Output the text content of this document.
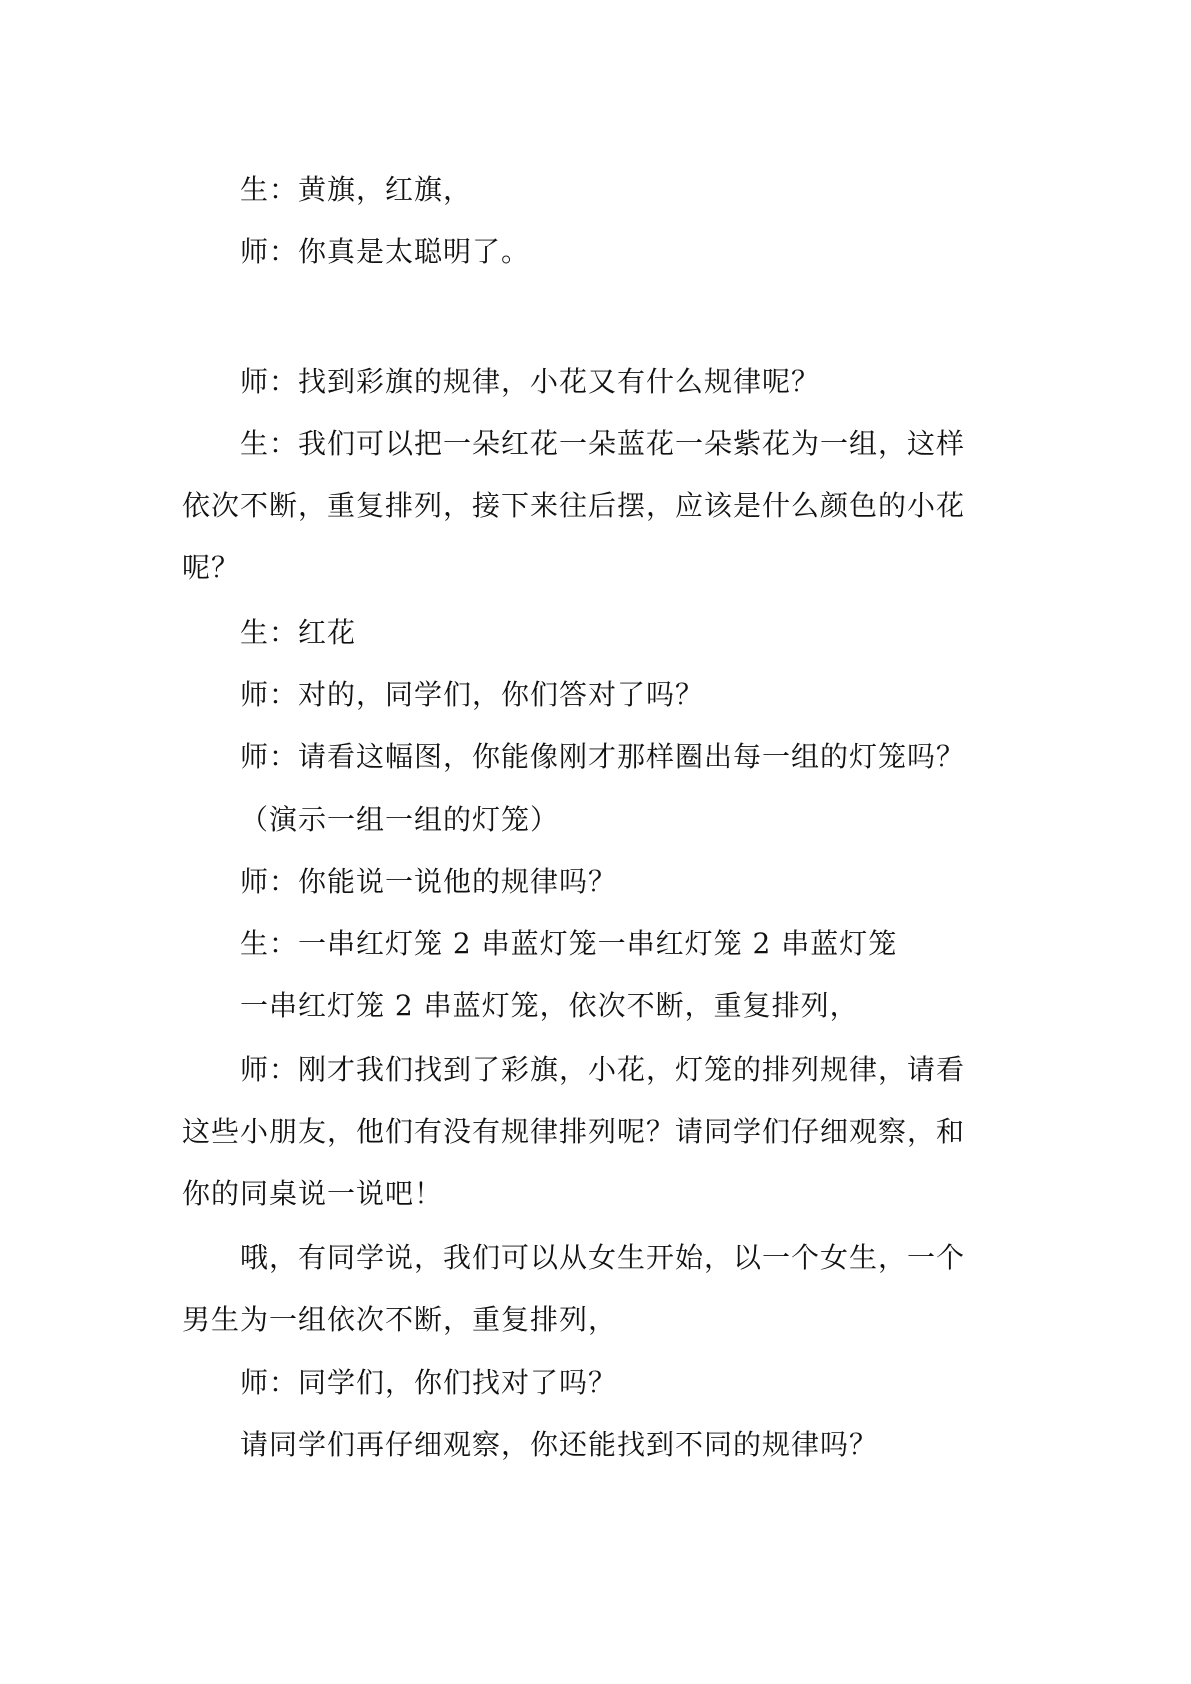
生：黄旗，红旗，
师：你真是太聪明了。
师：找到彩旗的规律，小花又有什么规律呢？
生：我们可以把一朵红花一朵蓝花一朵紫花为一组，这样
依次不断，重复排列，接下来往后摆，应该是什么颜色的小花
呢？
生：红花
师：对的，同学们，你们答对了吗？
师：请看这幅图，你能像刚才那样圈出每一组的灯笼吗？
（演示一组一组的灯笼）
师：你能说一说他的规律吗？
生：一串红灯笼 2 串蓝灯笼一串红灯笼 2 串蓝灯笼
一串红灯笼 2 串蓝灯笼，依次不断，重复排列，
师：刚才我们找到了彩旗，小花，灯笼的排列规律，请看
这些小朋友，他们有没有规律排列呢？请同学们仔细观察，和
你的同桌说一说吧！
哦，有同学说，我们可以从女生开始，以一个女生，一个
男生为一组依次不断，重复排列，
师：同学们，你们找对了吗？
请同学们再仔细观察，你还能找到不同的规律吗？
